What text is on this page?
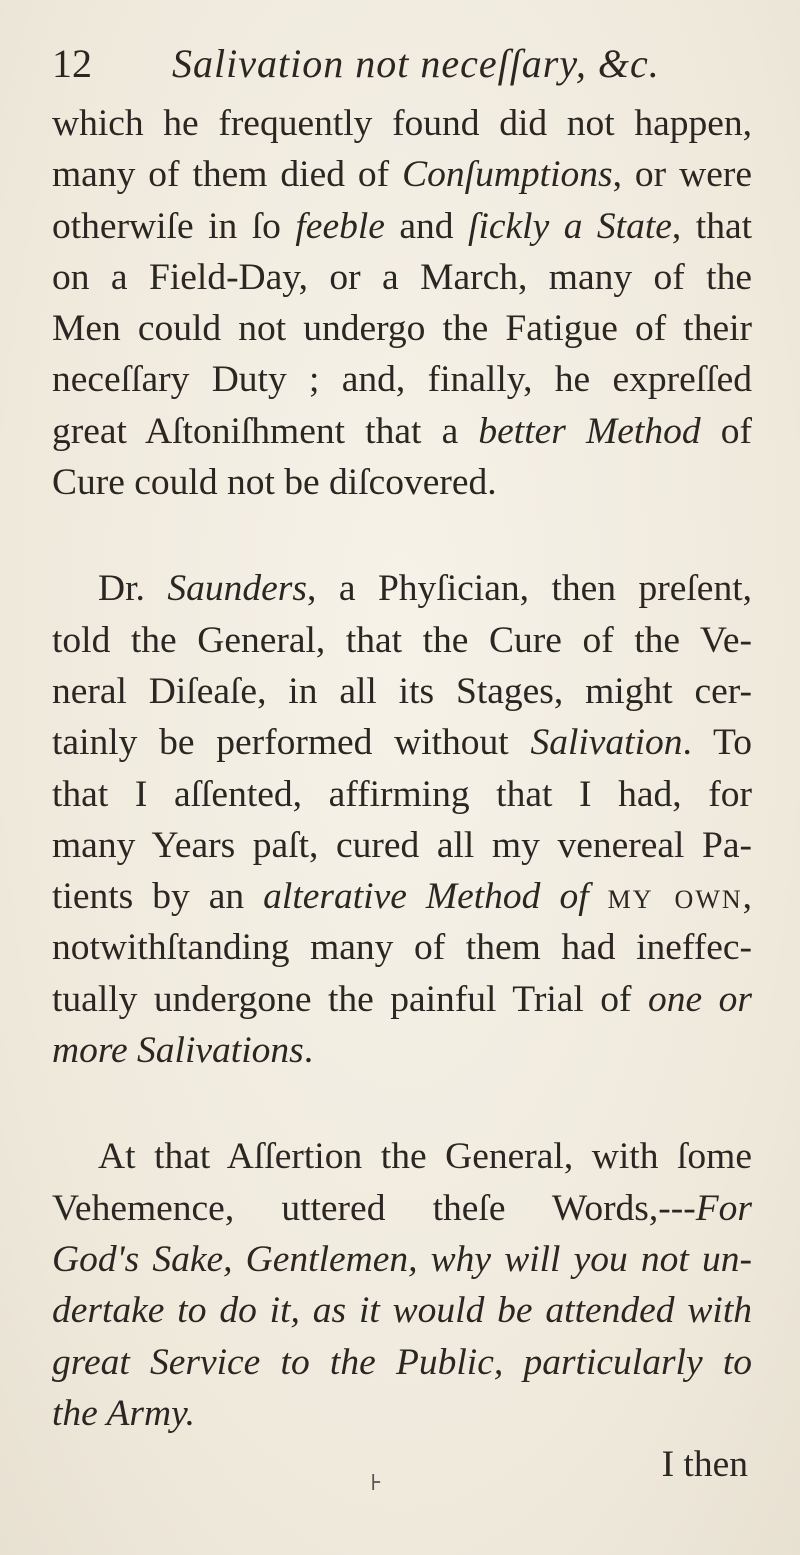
12 Salivation not neceſſary, &c.
which he frequently found did not happen,
many of them died of Conſumptions, or were
otherwiſe in ſo feeble and ſickly a State, that
on a Field-Day, or a March, many of the
Men could not undergo the Fatigue of their
neceſſary Duty ; and, finally, he expreſſed
great Aſtoniſhment that a better Method of
Cure could not be diſcovered.
Dr. Saunders, a Phyſician, then preſent,
told the General, that the Cure of the Ve-
neral Diſeaſe, in all its Stages, might cer-
tainly be performed without Salivation. To
that I aſſented, affirming that I had, for
many Years paſt, cured all my venereal Pa-
tients by an alterative Method of my own,
notwithſtanding many of them had ineffec-
tually undergone the painful Trial of one or
more Salivations.
At that Aſſertion the General, with ſome
Vehemence, uttered theſe Words,---For
God's Sake, Gentlemen, why will you not un-
dertake to do it, as it would be attended with
great Service to the Public, particularly to
the Army.
I then
⊦
